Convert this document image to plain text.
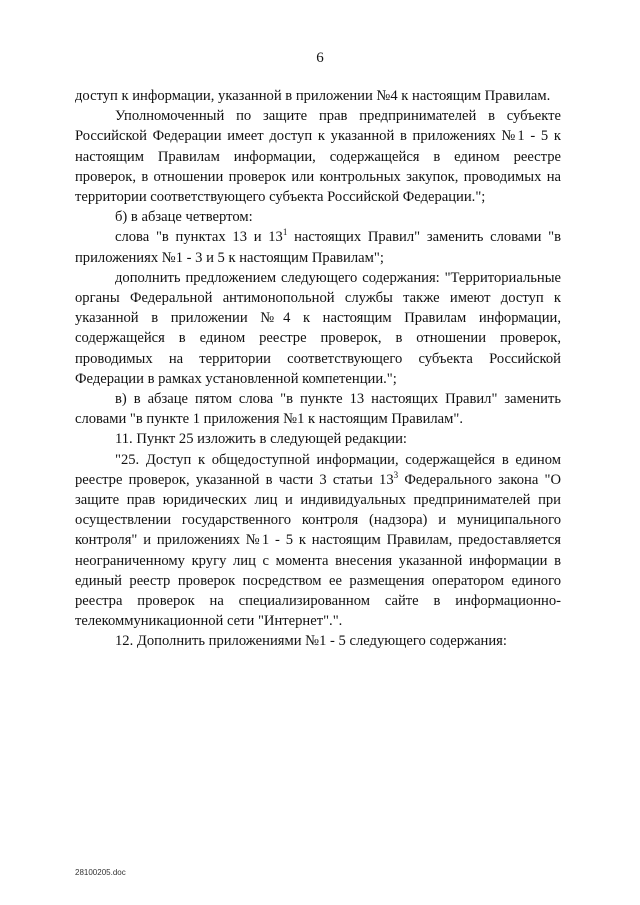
6

доступ к информации, указанной в приложении №4 к настоящим Правилам.

Уполномоченный по защите прав предпринимателей в субъекте Российской Федерации имеет доступ к указанной в приложениях №1 - 5 к настоящим Правилам информации, содержащейся в едином реестре проверок, в отношении проверок или контрольных закупок, проводимых на территории соответствующего субъекта Российской Федерации.";

б) в абзаце четвертом:

слова "в пунктах 13 и $13^1$ настоящих Правил" заменить словами "в приложениях №1 - 3 и 5 к настоящим Правилам";

дополнить предложением следующего содержания: "Территориальные органы Федеральной антимонопольной службы также имеют доступ к указанной в приложении №4 к настоящим Правилам информации, содержащейся в едином реестре проверок, в отношении проверок, проводимых на территории соответствующего субъекта Российской Федерации в рамках установленной компетенции.";

в) в абзаце пятом слова "в пункте 13 настоящих Правил" заменить словами "в пункте 1 приложения №1 к настоящим Правилам".

11. Пункт 25 изложить в следующей редакции:

"25. Доступ к общедоступной информации, содержащейся в едином реестре проверок, указанной в части 3 статьи $13^3$ Федерального закона "О защите прав юридических лиц и индивидуальных предпринимателей при осуществлении государственного контроля (надзора) и муниципального контроля" и приложениях №1 - 5 к настоящим Правилам, предоставляется неограниченному кругу лиц с момента внесения указанной информации в единый реестр проверок посредством ее размещения оператором единого реестра проверок на специализированном сайте в информационно-телекоммуникационной сети "Интернет".".

12. Дополнить приложениями №1 - 5 следующего содержания:

28100205.doc
